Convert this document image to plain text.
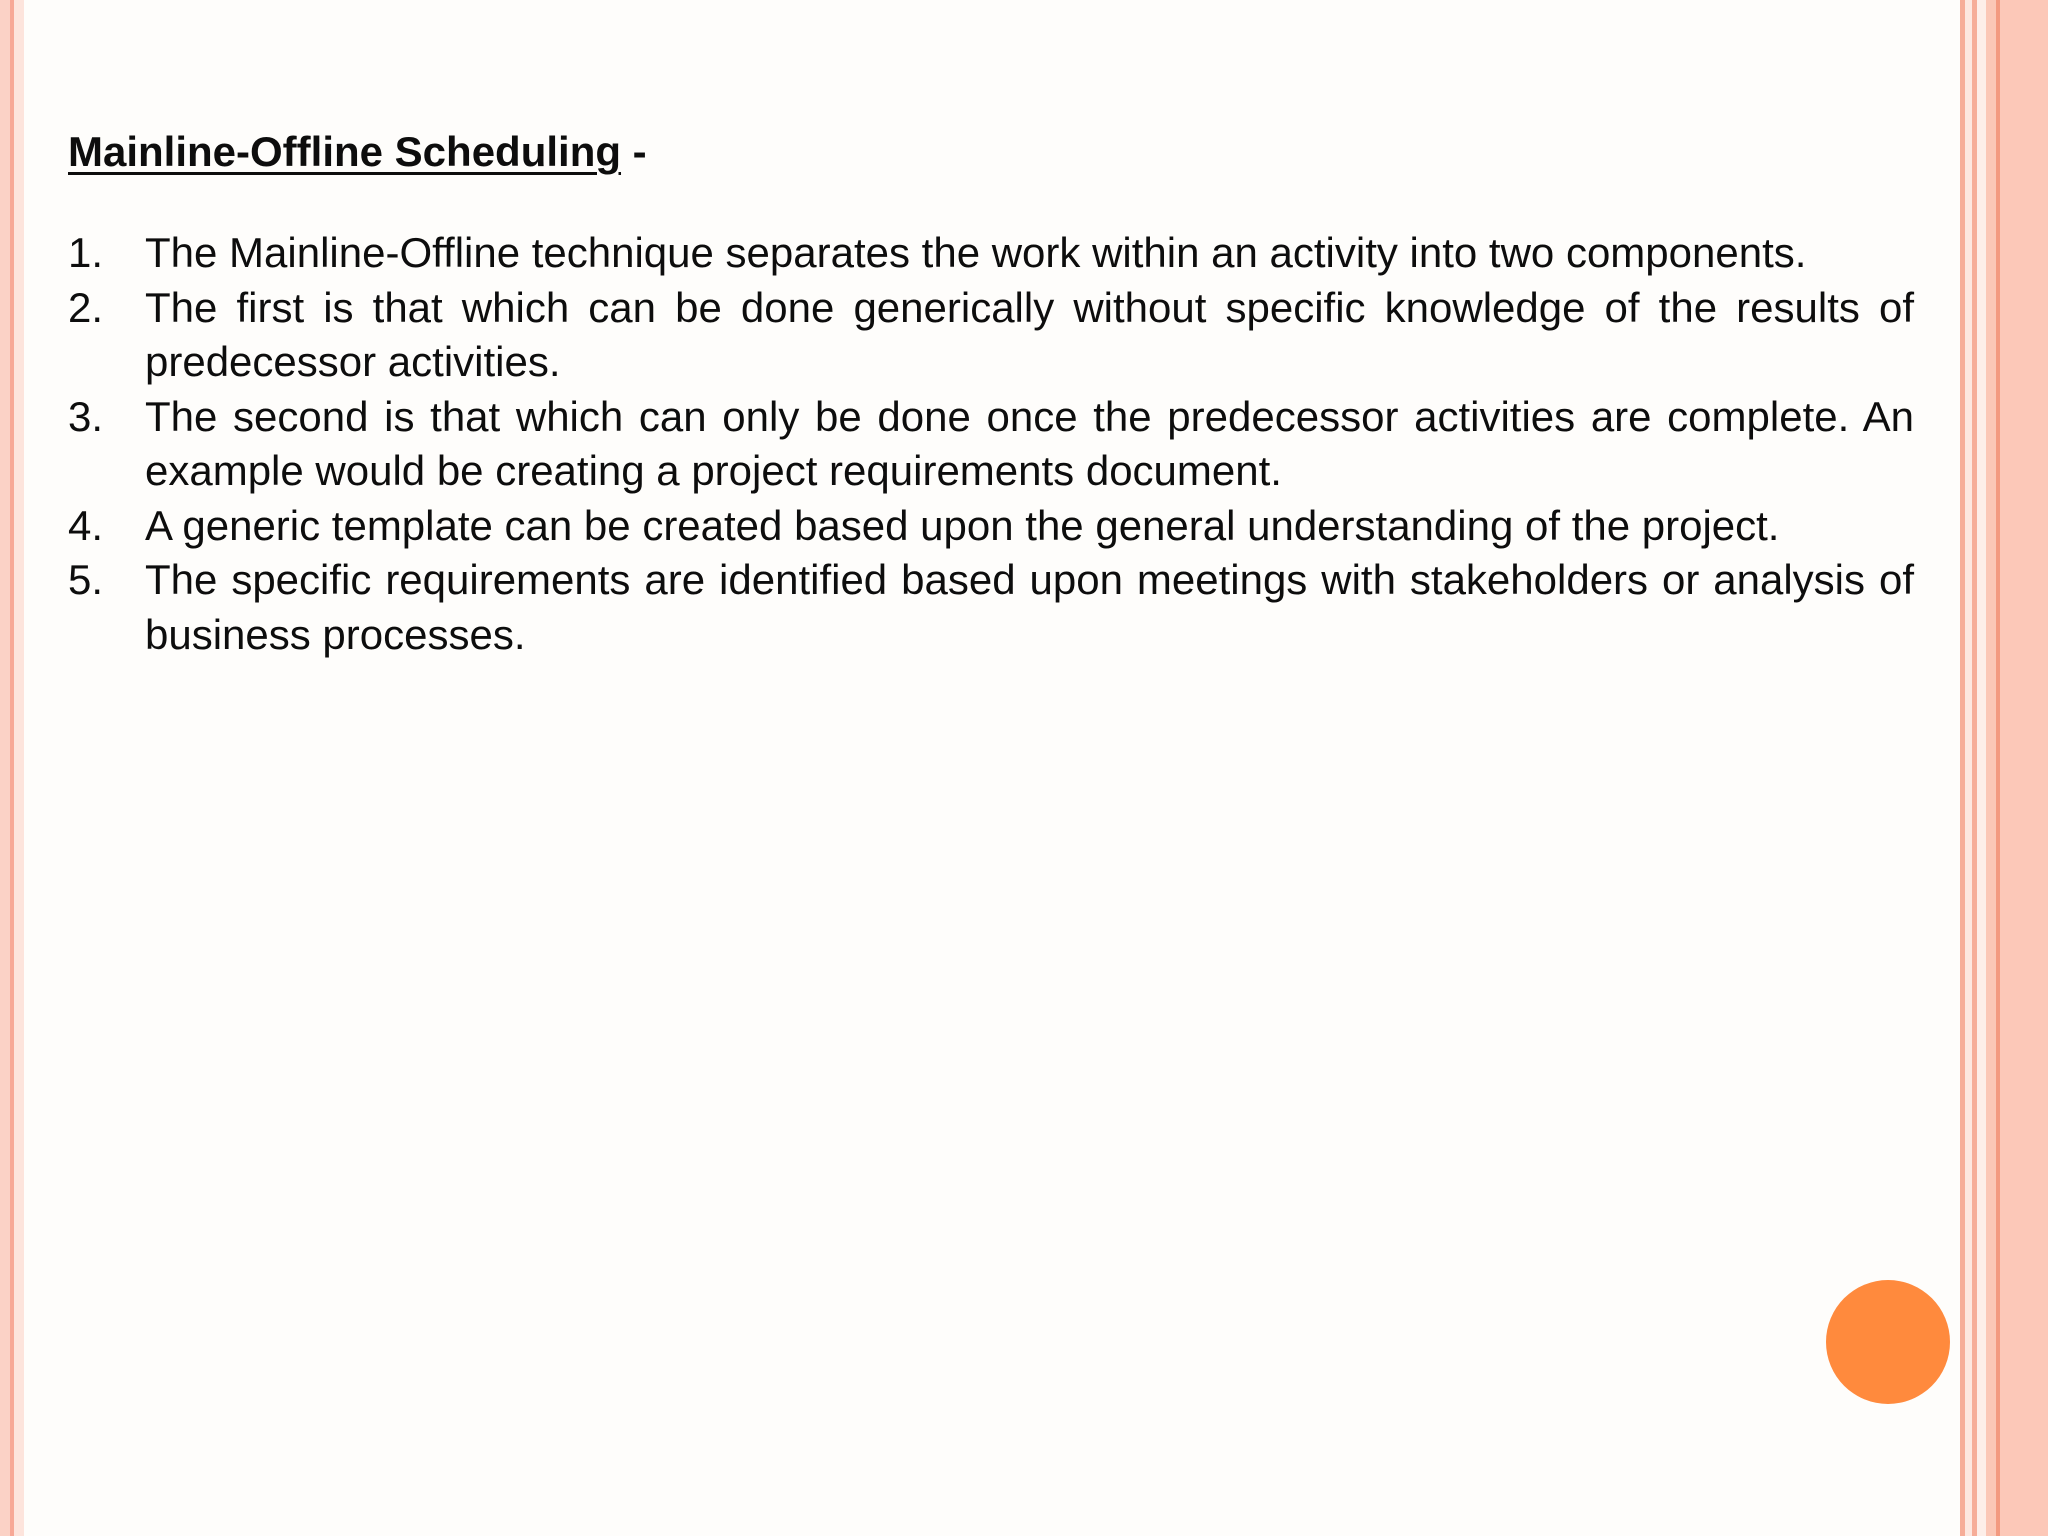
Mainline-Offline Scheduling -
1. The Mainline-Offline technique separates the work within an activity into two components.
2. The first is that which can be done generically without specific knowledge of the results of predecessor activities.
3. The second is that which can only be done once the predecessor activities are complete. An example would be creating a project requirements document.
4. A generic template can be created based upon the general understanding of the project.
5. The specific requirements are identified based upon meetings with stakeholders or analysis of business processes.
